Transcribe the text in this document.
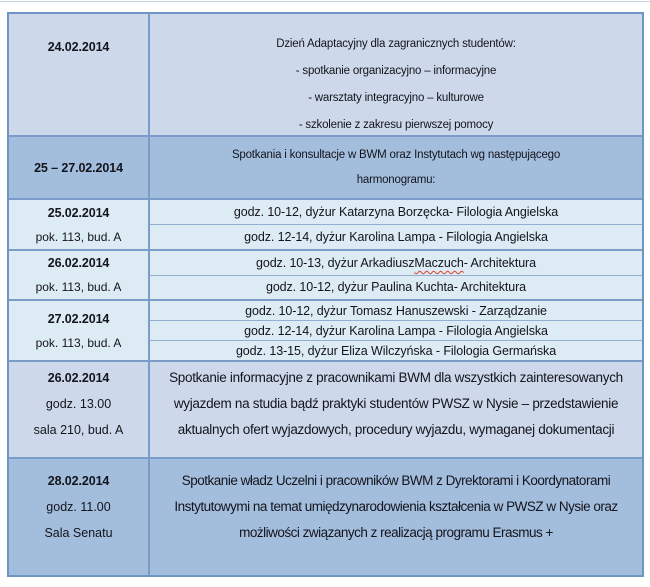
24.02.2014	Dzień Adaptacyjny dla zagranicznych studentów:
- spotkanie organizacyjno – informacyjne
- warsztaty integracyjno – kulturowe
- szkolenie z zakresu pierwszej pomocy
25 – 27.02.2014
Spotkania i konsultacje w BWM oraz Instytutach wg następującego
harmonogramu:
25.02.2014
pok. 113, bud. A
godz. 10-12, dyżur Katarzyna Borzęcka- Filologia Angielska
godz. 12-14, dyżur Karolina Lampa - Filologia Angielska
26.02.2014
pok. 113, bud. A
godz. 10-13, dyżur Arkadiusz Maczuch - Architektura
godz. 10-12, dyżur Paulina Kuchta- Architektura
27.02.2014
pok. 113, bud. A
godz. 10-12, dyżur Tomasz Hanuszewski - Zarządzanie
godz. 12-14, dyżur Karolina Lampa - Filologia Angielska
godz. 13-15, dyżur Eliza Wilczyńska - Filologia Germańska
26.02.2014
godz. 13.00
sala 210, bud. A
Spotkanie informacyjne z pracownikami BWM dla wszystkich zainteresowanych
wyjazdem na studia bądź praktyki studentów PWSZ w Nysie – przedstawienie
aktualnych ofert wyjazdowych, procedury wyjazdu, wymaganej dokumentacji
28.02.2014
godz. 11.00
Sala Senatu
Spotkanie władz Uczelni i pracowników BWM z Dyrektorami i Koordynatorami
Instytutowymi na temat umiędzynarodowienia kształcenia w PWSZ w Nysie oraz
możliwości związanych z realizacją programu Erasmus +
